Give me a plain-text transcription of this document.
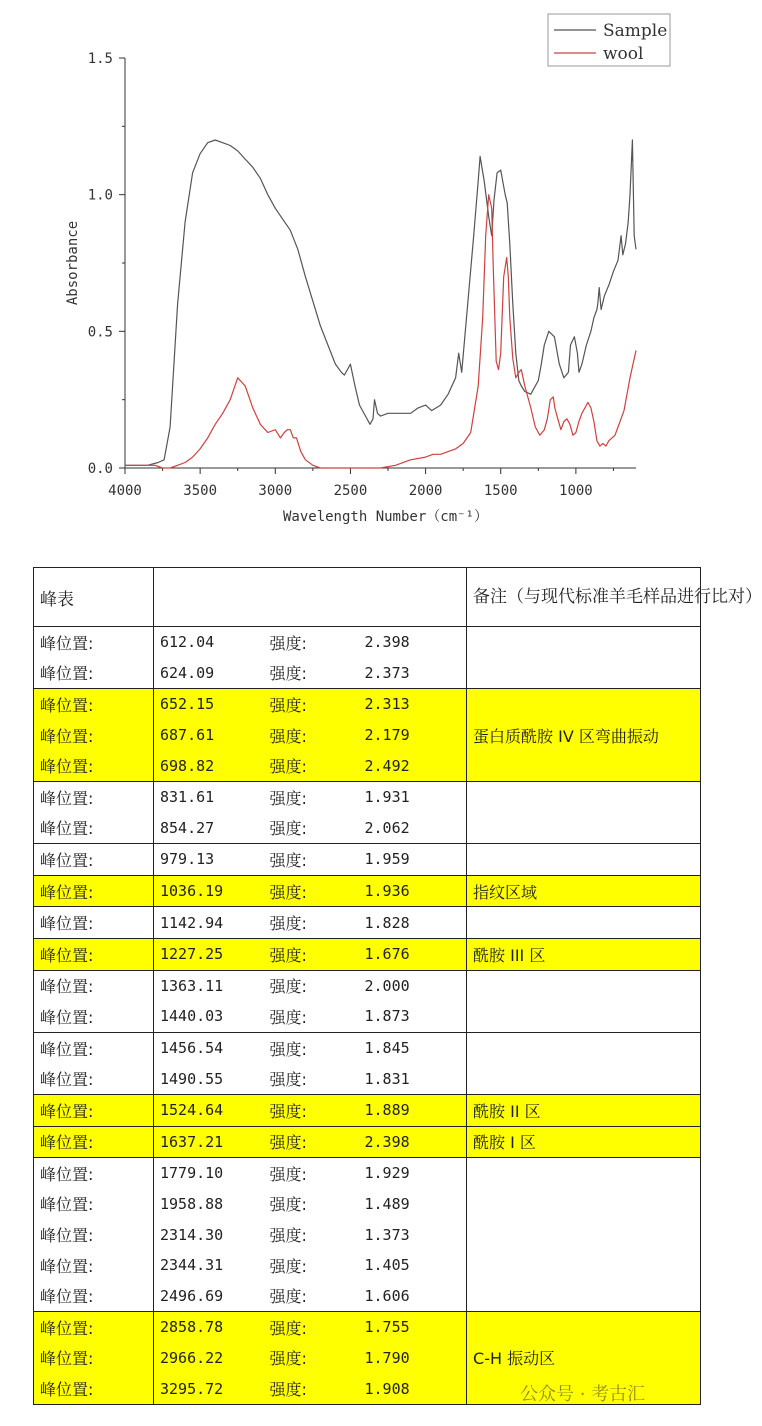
4000	3500	3000	2500	2000	1500	1000
0.0
0.5
1.0
1.5
Wavelength Number（cm⁻¹）
Absorbance
Sample
wool
峰表				备注（与现代标准羊毛样品进行比对）
峰位置:	612.04	强度:	2.398	
峰位置:	624.09	强度:	2.373	
峰位置:	652.15	强度:	2.313	蛋白质酰胺 IV 区弯曲振动
峰位置:	687.61	强度:	2.179	
峰位置:	698.82	强度:	2.492	
峰位置:	831.61	强度:	1.931	
峰位置:	854.27	强度:	2.062	
峰位置:	979.13	强度:	1.959	
峰位置:	1036.19	强度:	1.936	指纹区域
峰位置:	1142.94	强度:	1.828	
峰位置:	1227.25	强度:	1.676	酰胺 III 区
峰位置:	1363.11	强度:	2.000	
峰位置:	1440.03	强度:	1.873	
峰位置:	1456.54	强度:	1.845	
峰位置:	1490.55	强度:	1.831	
峰位置:	1524.64	强度:	1.889	酰胺 II 区
峰位置:	1637.21	强度:	2.398	酰胺 I 区
峰位置:	1779.10	强度:	1.929	
峰位置:	1958.88	强度:	1.489	
峰位置:	2314.30	强度:	1.373	
峰位置:	2344.31	强度:	1.405	
峰位置:	2496.69	强度:	1.606	
峰位置:	2858.78	强度:	1.755	C-H 振动区
峰位置:	2966.22	强度:	1.790	
峰位置:	3295.72	强度:	1.908		公众号 · 考古汇
